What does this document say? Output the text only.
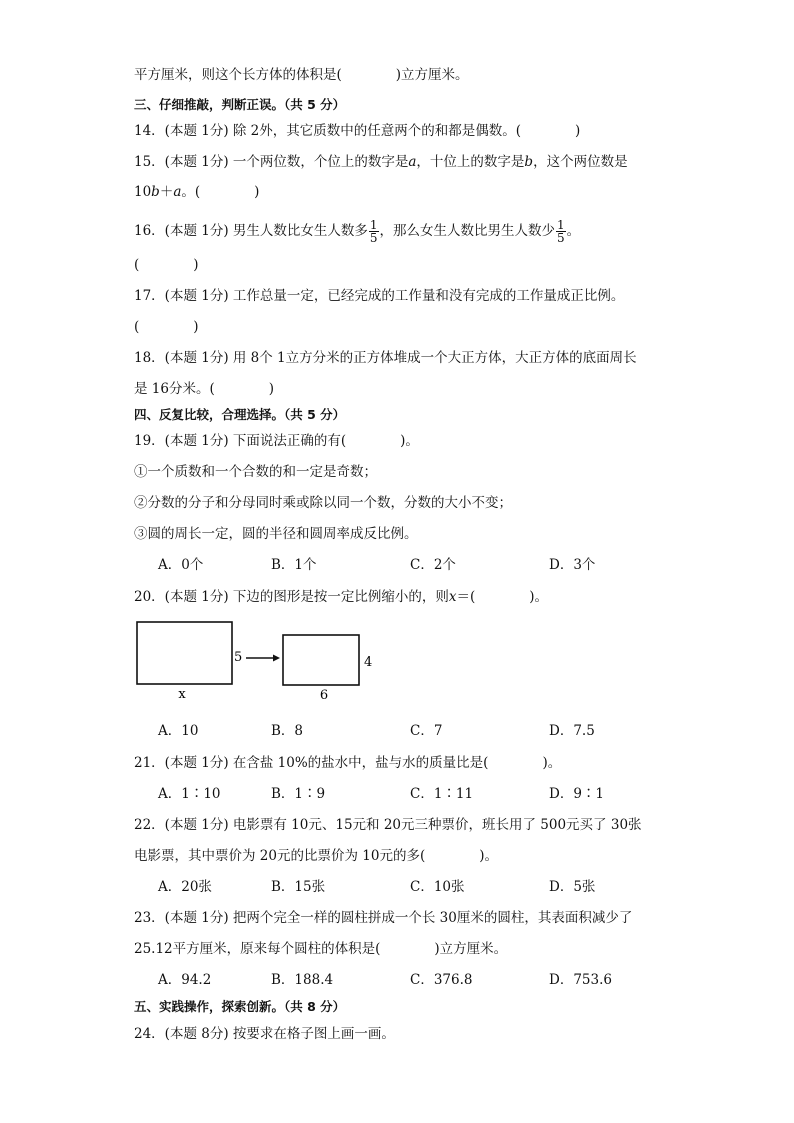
平方厘米，则这个长方体的体积是(　　　　)立方厘米。
三、仔细推敲，判断正误。（共 5 分）
14．(本题 1分) 除 2外，其它质数中的任意两个的和都是偶数。(　　　　)
15．(本题 1分) 一个两位数，个位上的数字是𝑎，十位上的数字是𝑏，这个两位数是
10𝑏＋𝑎。(　　　　)
16．(本题 1分) 男生人数比女生人数多 $\frac{1}{5}$ ，那么女生人数比男生人数少 $\frac{1}{5}$ 。
(　　　　)
17．(本题 1分) 工作总量一定，已经完成的工作量和没有完成的工作量成正比例。
(　　　　)
18．(本题 1分) 用 8个 1立方分米的正方体堆成一个大正方体，大正方体的底面周长
是 16分米。(　　　　)
四、反复比较，合理选择。（共 5 分）
19．(本题 1分) 下面说法正确的有(　　　　)。
①一个质数和一个合数的和一定是奇数；
②分数的分子和分母同时乘或除以同一个数，分数的大小不变；
③圆的周长一定，圆的半径和圆周率成反比例。
A．0个	B．1个	C．2个	D．3个
20．(本题 1分) 下边的图形是按一定比例缩小的，则𝑥＝(　　　　)。
5
x
4
6
A．10	B．8	C．7	D．7.5
21．(本题 1分) 在含盐 10%的盐水中，盐与水的质量比是(　　　　)。
A．1∶10	B．1∶9	C．1∶11	D．9∶1
22．(本题 1分) 电影票有 10元、15元和 20元三种票价，班长用了 500元买了 30张
电影票，其中票价为 20元的比票价为 10元的多(　　　　)。
A．20张	B．15张	C．10张	D．5张
23．(本题 1分) 把两个完全一样的圆柱拼成一个长 30厘米的圆柱，其表面积减少了
25.12平方厘米，原来每个圆柱的体积是(　　　　)立方厘米。
A．94.2	B．188.4	C．376.8	D．753.6
五、实践操作，探索创新。（共 8 分）
24．(本题 8分) 按要求在格子图上画一画。
